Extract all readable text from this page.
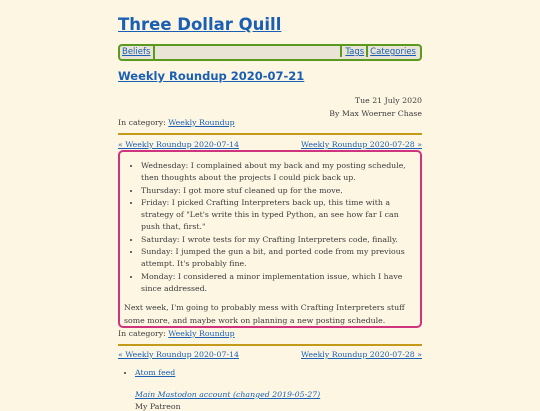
Three Dollar Quill
Beliefs	Tags Categories
Weekly Roundup 2020-07-21
Tue 21 July 2020
By Max Woerner Chase
In category: Weekly Roundup
« Weekly Roundup 2020-07-14	Weekly Roundup 2020-07-28 »
• Wednesday: I complained about my back and my posting schedule, then thoughts about the projects I could pick back up.
• Thursday: I got more stuf cleaned up for the move.
• Friday: I picked Crafting Interpreters back up, this time with a strategy of "Let's write this in typed Python, an see how far I can push that, first."
• Saturday: I wrote tests for my Crafting Interpreters code, finally.
• Sunday: I jumped the gun a bit, and ported code from my previous attempt. It's probably fine.
• Monday: I considered a minor implementation issue, which I have since addressed.

Next week, I'm going to probably mess with Crafting Interpreters stuff some more, and maybe work on planning a new posting schedule.

In category: Weekly Roundup
« Weekly Roundup 2020-07-14	Weekly Roundup 2020-07-28 »
• Atom feed
Main Mastodon account (changed 2019-05-27)
My Patreon
